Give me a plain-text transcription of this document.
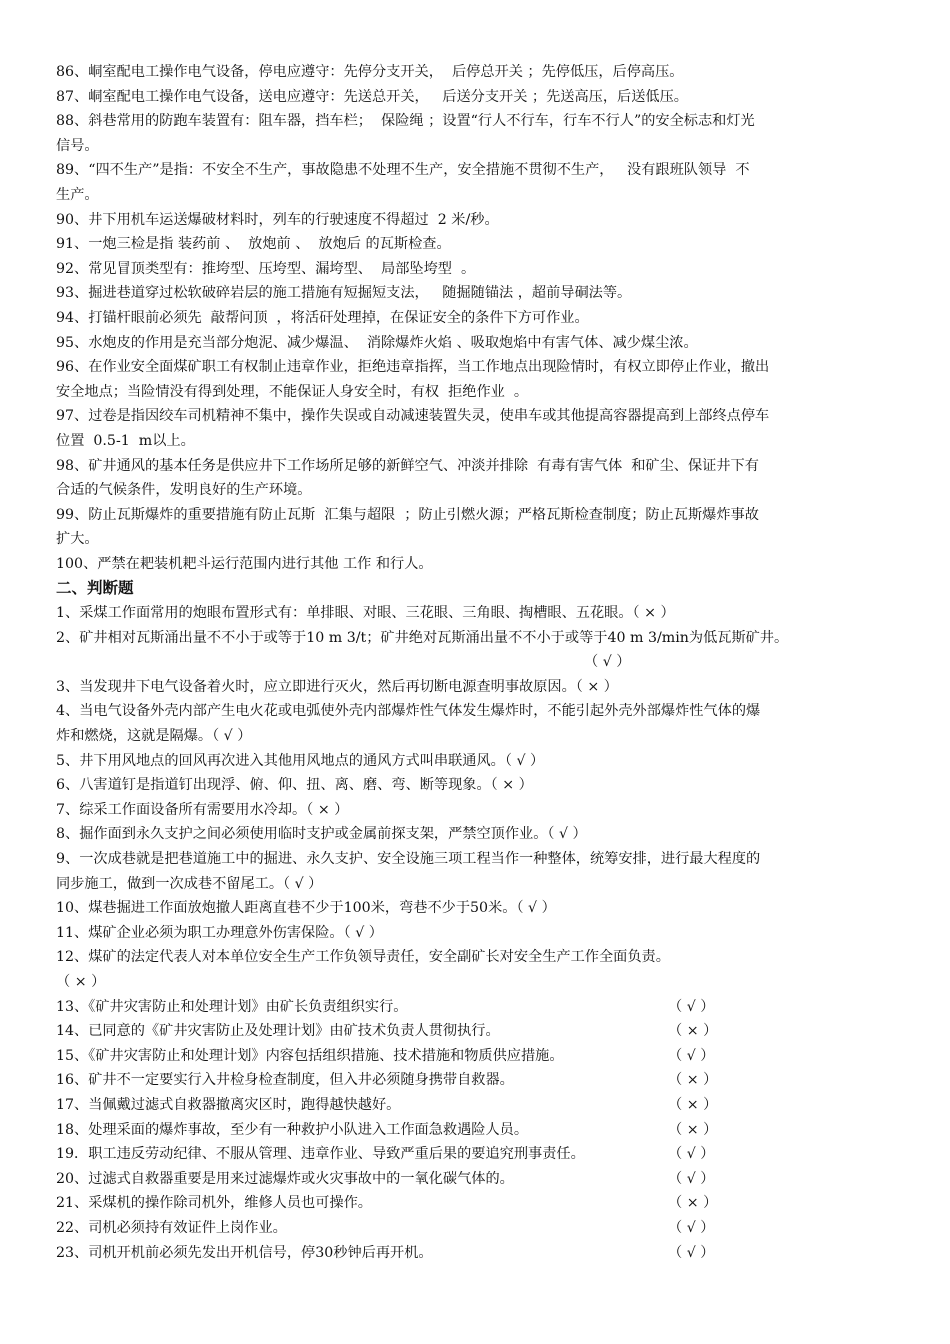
86、峒室配电工操作电气设备，停电应遵守：先停分支开关，  后停总开关 ；先停低压，后停高压。
87、峒室配电工操作电气设备，送电应遵守：先送总开关，   后送分支开关 ；先送高压，后送低压。
88、斜巷常用的防跑车装置有：阻车器，挡车栏；  保险绳 ；设置“行人不行车，行车不行人”的安全标志和灯光
信号。
89、“四不生产”是指：不安全不生产，事故隐患不处理不生产，安全措施不贯彻不生产，   没有跟班队领导  不
生产。
90、井下用机车运送爆破材料时，列车的行驶速度不得超过  2 米/秒。
91、一炮三检是指 装药前 、  放炮前 、  放炮后 的瓦斯检查。
92、常见冒顶类型有：推垮型、压垮型、漏垮型、  局部坠垮型  。
93、掘进巷道穿过松软破碎岩层的施工措施有短掘短支法，   随掘随锚法 ，超前导硐法等。
94、打锚杆眼前必须先  敲帮问顶  ，将活矸处理掉，在保证安全的条件下方可作业。
95、水炮皮的作用是充当部分炮泥、减少爆温、  消除爆炸火焰 、吸取炮焰中有害气体、减少煤尘浓。
96、在作业安全面煤矿职工有权制止违章作业，拒绝违章指挥，当工作地点出现险情时，有权立即停止作业，撤出
安全地点；当险情没有得到处理，不能保证人身安全时，有权  拒绝作业  。
97、过卷是指因绞车司机精神不集中，操作失误或自动减速装置失灵，使串车或其他提高容器提高到上部终点停车
位置  0.5-1  m以上。
98、矿井通风的基本任务是供应井下工作场所足够的新鲜空气、冲淡并排除  有毒有害气体  和矿尘、保证井下有
合适的气候条件，发明良好的生产环境。
99、防止瓦斯爆炸的重要措施有防止瓦斯  汇集与超限  ；防止引燃火源；严格瓦斯检查制度；防止瓦斯爆炸事故
扩大。
100、严禁在耙装机耙斗运行范围内进行其他 工作 和行人。
二、判断题
1、采煤工作面常用的炮眼布置形式有：单排眼、对眼、三花眼、三角眼、掏槽眼、五花眼。（ × ）
2、矿井相对瓦斯涌出量不不小于或等于10 m 3/t；矿井绝对瓦斯涌出量不不小于或等于40 m 3/min为低瓦斯矿井。
（ √ ）
3、当发现井下电气设备着火时，应立即进行灭火，然后再切断电源查明事故原因。（ × ）
4、当电气设备外壳内部产生电火花或电弧使外壳内部爆炸性气体发生爆炸时，不能引起外壳外部爆炸性气体的爆
炸和燃烧，这就是隔爆。（ √ ）
5、井下用风地点的回风再次进入其他用风地点的通风方式叫串联通风。（ √ ）
6、八害道钉是指道钉出现浮、俯、仰、扭、离、磨、弯、断等现象。（ × ）
7、综采工作面设备所有需要用水冷却。（ × ）
8、掘作面到永久支护之间必须使用临时支护或金属前探支架，严禁空顶作业。（ √ ）
9、一次成巷就是把巷道施工中的掘进、永久支护、安全设施三项工程当作一种整体，统筹安排，进行最大程度的
同步施工，做到一次成巷不留尾工。（ √ ）
10、煤巷掘进工作面放炮撤人距离直巷不少于100米，弯巷不少于50米。（ √ ）
11、煤矿企业必须为职工办理意外伤害保险。（ √ ）
12、煤矿的法定代表人对本单位安全生产工作负领导责任，安全副矿长对安全生产工作全面负责。
（ × ）
13、《矿井灾害防止和处理计划》由矿长负责组织实行。	（ √ ）
14、已同意的《矿井灾害防止及处理计划》由矿技术负责人贯彻执行。	（ × ）
15、《矿井灾害防止和处理计划》内容包括组织措施、技术措施和物质供应措施。	（ √ ）
16、矿井不一定要实行入井检身检查制度，但入井必须随身携带自救器。	（ × ）
17、当佩戴过滤式自救器撤离灾区时，跑得越快越好。	（ × ）
18、处理采面的爆炸事故，至少有一种救护小队进入工作面急救遇险人员。	（ × ）
19．职工违反劳动纪律、不服从管理、违章作业、导致严重后果的要追究刑事责任。	（ √ ）
20、过滤式自救器重要是用来过滤爆炸或火灾事故中的一氧化碳气体的。	（ √ ）
21、采煤机的操作除司机外，维修人员也可操作。	（ × ）
22、司机必须持有效证件上岗作业。	（ √ ）
23、司机开机前必须先发出开机信号，停30秒钟后再开机。	（ √ ）
